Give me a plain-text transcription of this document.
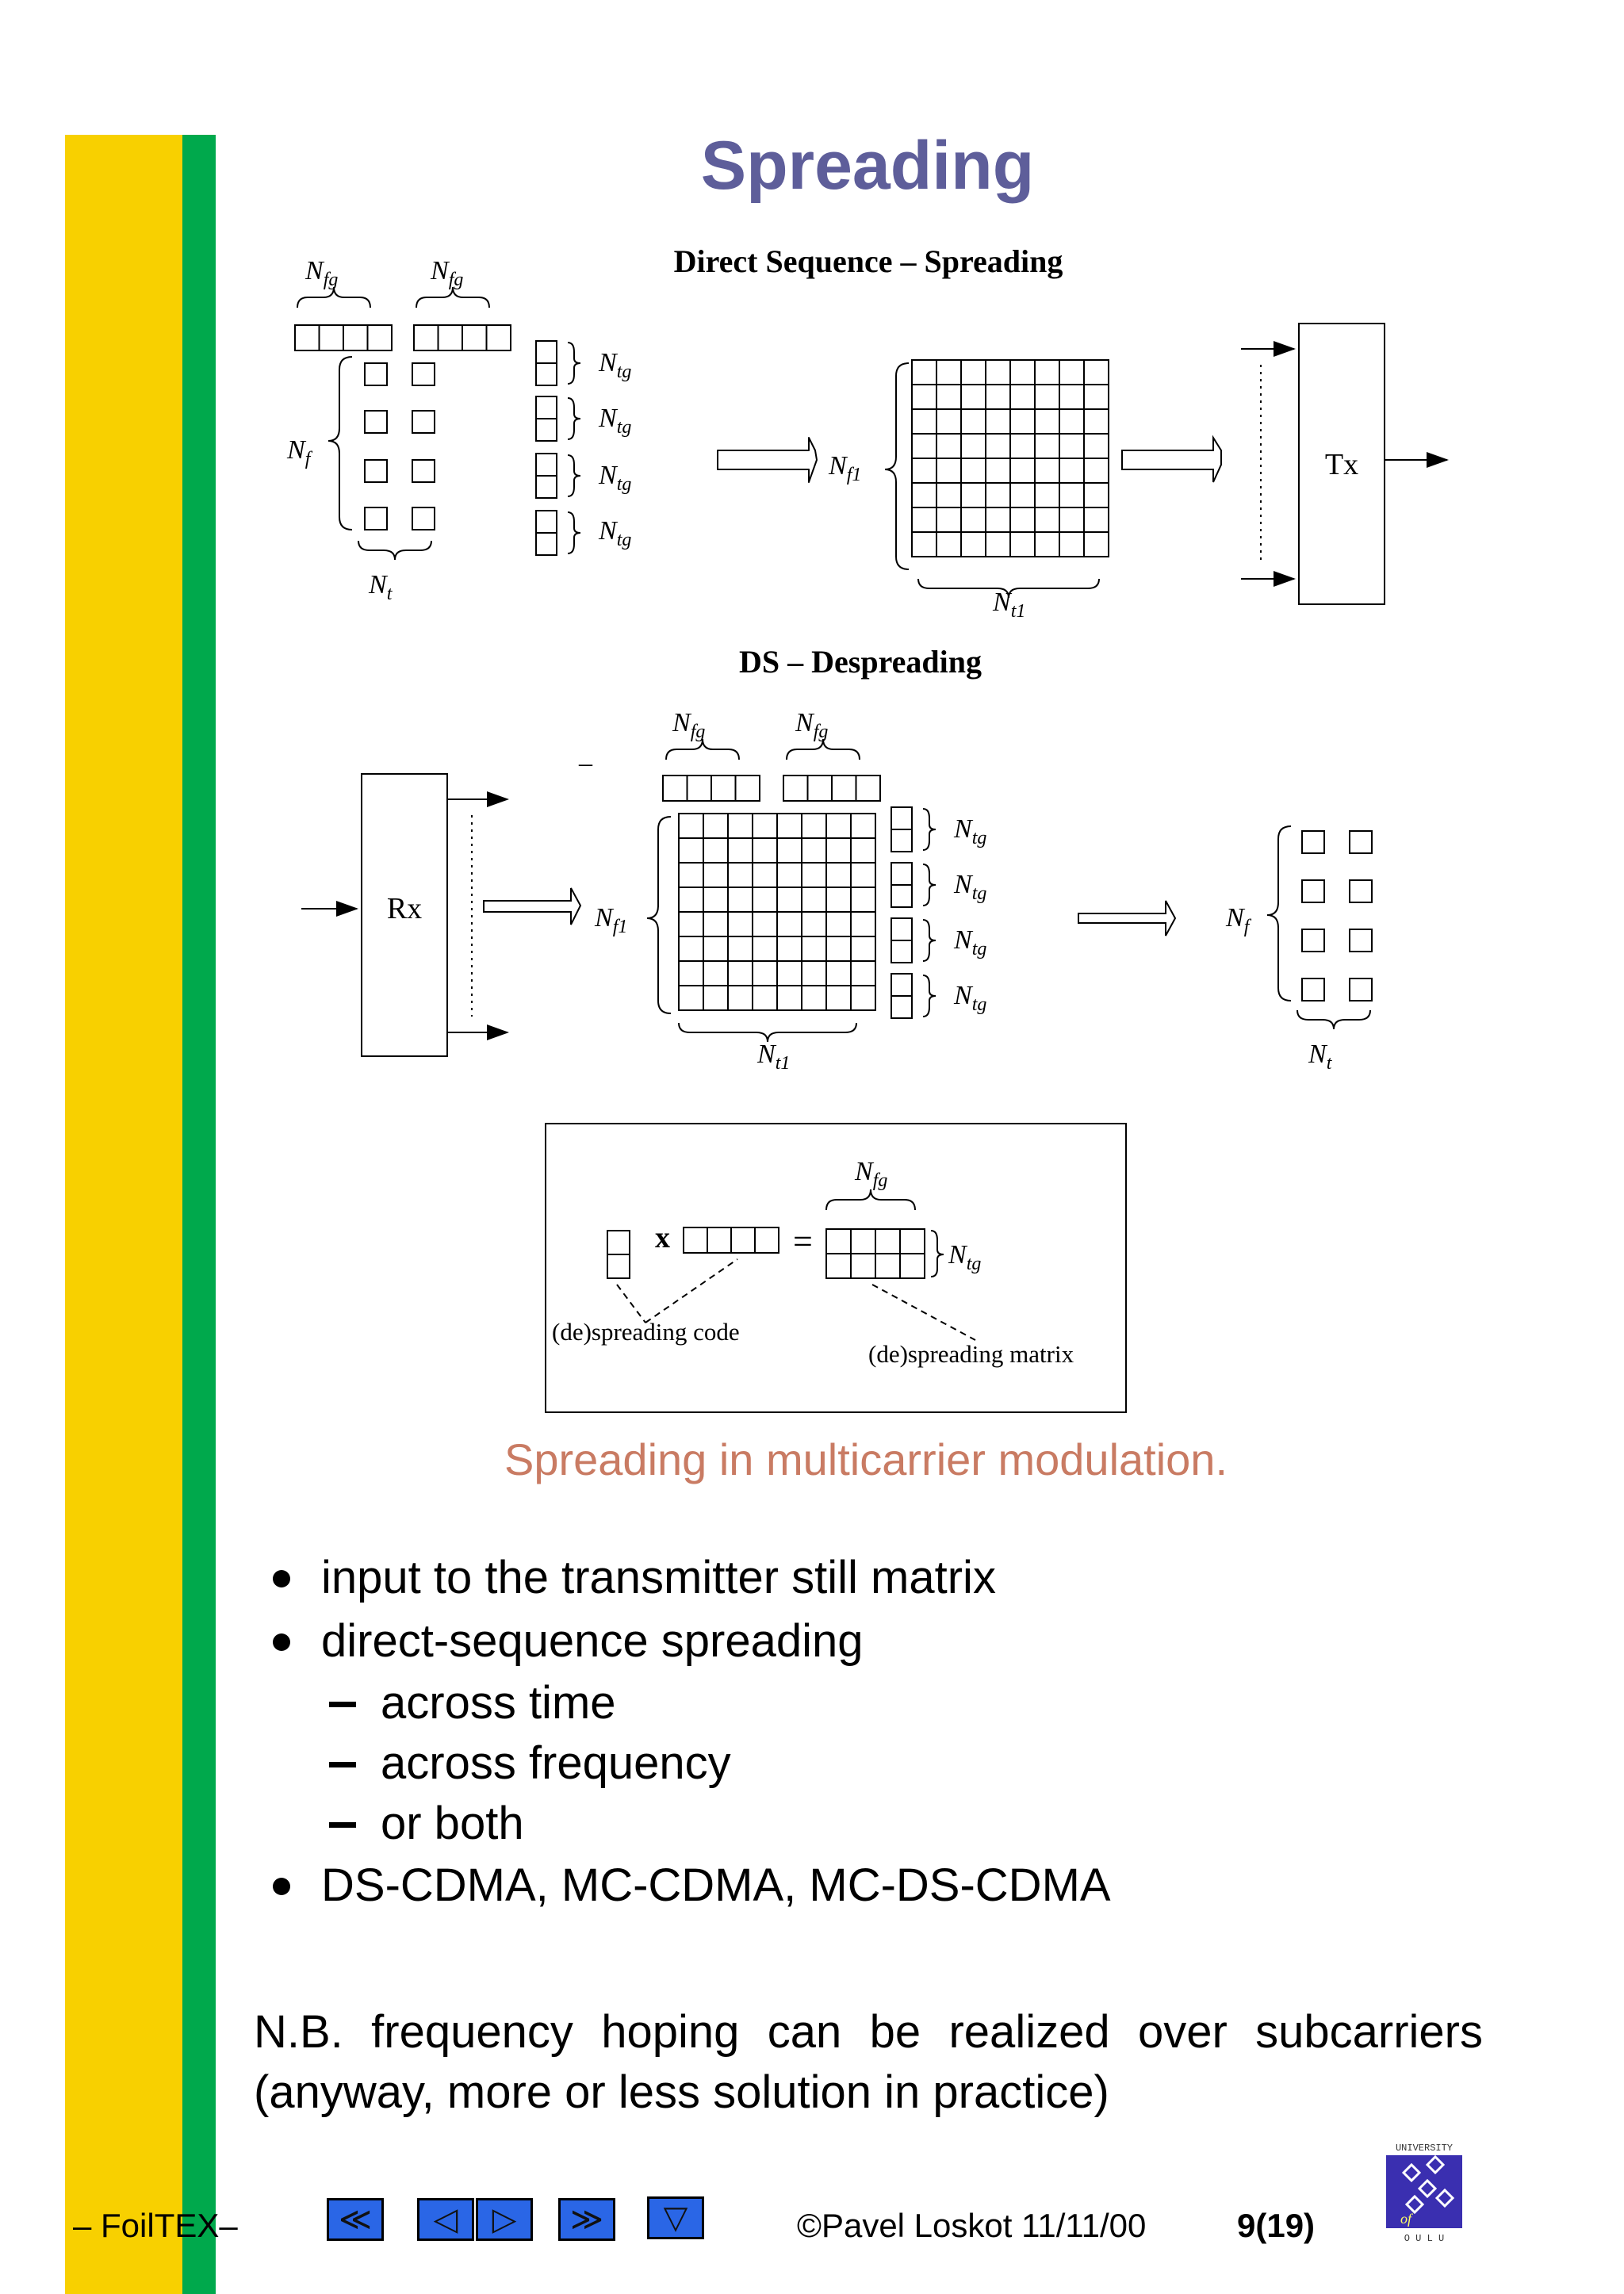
Spreading
Direct Sequence – Spreading
$N_{fg}$	$N_{fg}$
$N_f$
$N_t$
$N_{tg}$
$N_{tg}$
$N_{tg}$
$N_{tg}$
$N_{f1}$
$N_{t1}$
Tx
DS – Despreading
$N_{fg}$	$N_{fg}$
–
Rx	$N_{f1}$
$N_{t1}$
$N_{tg}$
$N_{tg}$
$N_{tg}$
$N_{tg}$
$N_f$
$N_t$
$N_{fg}$
x	=	$N_{tg}$
(de)spreading code
(de)spreading matrix
Spreading in multicarrier modulation.
input to the transmitter still matrix
direct-sequence spreading
across time
across frequency
or both
DS-CDMA, MC-CDMA, MC-DS-CDMA
N.B. frequency hoping can be realized over subcarriers
(anyway, more or less solution in practice)
– FoilTEX–	≪	◁	▷	≫	▽	©Pavel Loskot 11/11/00	9(19)
UNIVERSITY
of
O U L U
